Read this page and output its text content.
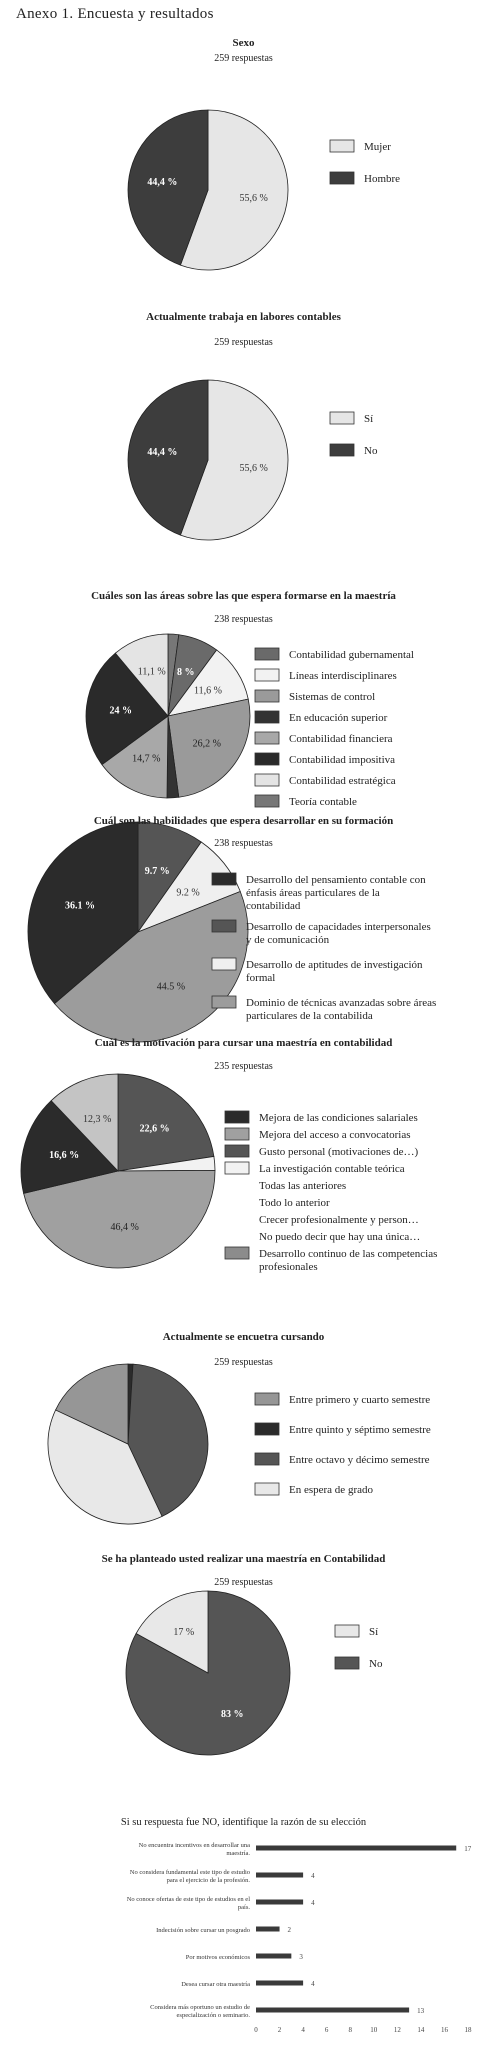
Anexo 1. Encuesta y resultados
Sexo
259 respuestas
55,6 %
44,4 %
Mujer
Hombre
55,6 %
44,4 %
Sí
No
8 %
11,6 %
26,2 %
14,7 %
24 %
11,1 %
Contabilidad gubernamental
Líneas interdisciplinares
Sistemas de control
En educación superior
Contabilidad financiera
Contabilidad impositiva
Contabilidad estratégica
Teoría contable
9.7 %
9.2 %
44.5 %
36.1 %
Desarrollo del pensamiento contable con
énfasis áreas particulares de la
contabilidad
Desarrollo de capacidades interpersonales
y de comunicación
Desarrollo de aptitudes de investigación
formal
Dominio de técnicas avanzadas sobre áreas
particulares de la contabilida
22,6 %
46,4 %
16,6 %
12,3 %	Mejora de las condiciones salariales
Mejora del acceso a convocatorias
Gusto personal (motivaciones de…)
La investigación contable teórica
Todas las anteriores
Todo lo anterior
Crecer profesionalmente y person…
No puedo decir que hay una única…
Desarrollo continuo de las competencias
profesionales
Entre primero y cuarto semestre
Entre quinto y séptimo semestre
Entre octavo y décimo semestre
En espera de grado
83 %
17 %	Sí
No
No encuentra incentivos en desarrollar una
maestría.
17
No considera fundamental este tipo de estudio
para el ejercicio de la profesión.
4
No conoce ofertas de este tipo de estudios en el
país.
4
Indecisión sobre cursar un posgrado	2
Por motivos económicos	3
Desea cursar otra maestría	4
Considera más oportuno un estudio de
especialización o seminario.
13
0	2	4	6	8	10 12 14 16 18
Actualmente trabaja en labores contables
259 respuestas
Cuáles son las áreas sobre las que espera formarse en la maestría
238 respuestas
Cuál son las habilidades que espera desarrollar en su formación
238 respuestas
Cuál es la motivación para cursar una maestría en contabilidad
235 respuestas
Actualmente se encuetra cursando
259 respuestas
Se ha planteado usted realizar una maestría en Contabilidad
259 respuestas
Si su respuesta fue NO, identifique la razón de su elección
